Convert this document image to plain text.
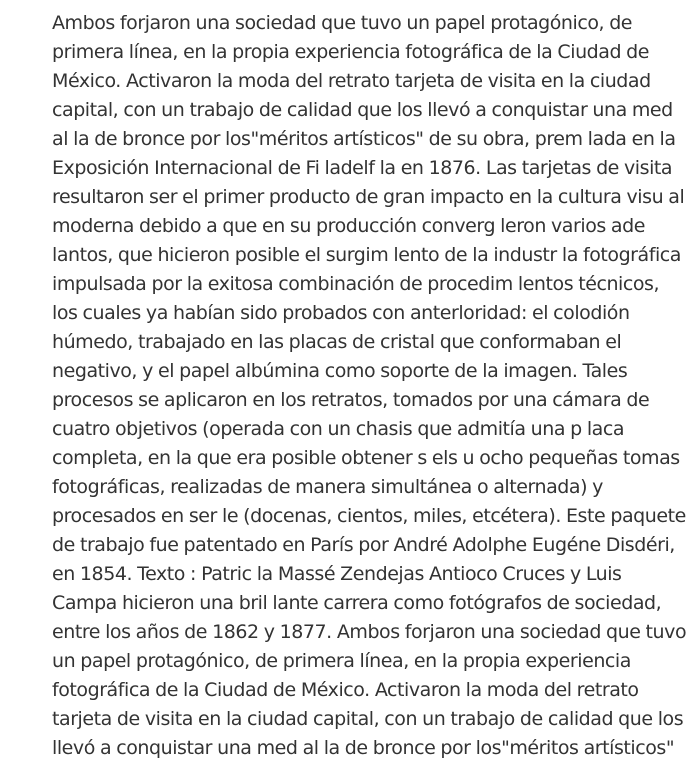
Ambos forjaron una sociedad que tuvo un papel protagónico, de
primera línea, en la propia experiencia fotográfica de la Ciudad de
México. Activaron la moda del retrato tarjeta de visita en la ciudad
capital, con un trabajo de calidad que los llevó a conquistar una med
al la de bronce por los"méritos artísticos" de su obra, prem lada en la
Exposición Internacional de Fi ladelf la en 1876. Las tarjetas de visita
resultaron ser el primer producto de gran impacto en la cultura visu al
moderna debido a que en su producción converg leron varios ade
lantos, que hicieron posible el surgim lento de la industr la fotográfica
impulsada por la exitosa combinación de procedim lentos técnicos,
los cuales ya habían sido probados con anterloridad: el colodión
húmedo, trabajado en las placas de cristal que conformaban el
negativo, y el papel albúmina como soporte de la imagen. Tales
procesos se aplicaron en los retratos, tomados por una cámara de
cuatro objetivos (operada con un chasis que admitía una p laca
completa, en la que era posible obtener s els u ocho pequeñas tomas
fotográficas, realizadas de manera simultánea o alternada) y
procesados en ser le (docenas, cientos, miles, etcétera). Este paquete
de trabajo fue patentado en París por André Adolphe Eugéne Disdéri,
en 1854. Texto : Patric la Massé Zendejas Antioco Cruces y Luis
Campa hicieron una bril lante carrera como fotógrafos de sociedad,
entre los años de 1862 y 1877. Ambos forjaron una sociedad que tuvo
un papel protagónico, de primera línea, en la propia experiencia
fotográfica de la Ciudad de México. Activaron la moda del retrato
tarjeta de visita en la ciudad capital, con un trabajo de calidad que los
llevó a conquistar una med al la de bronce por los"méritos artísticos"
